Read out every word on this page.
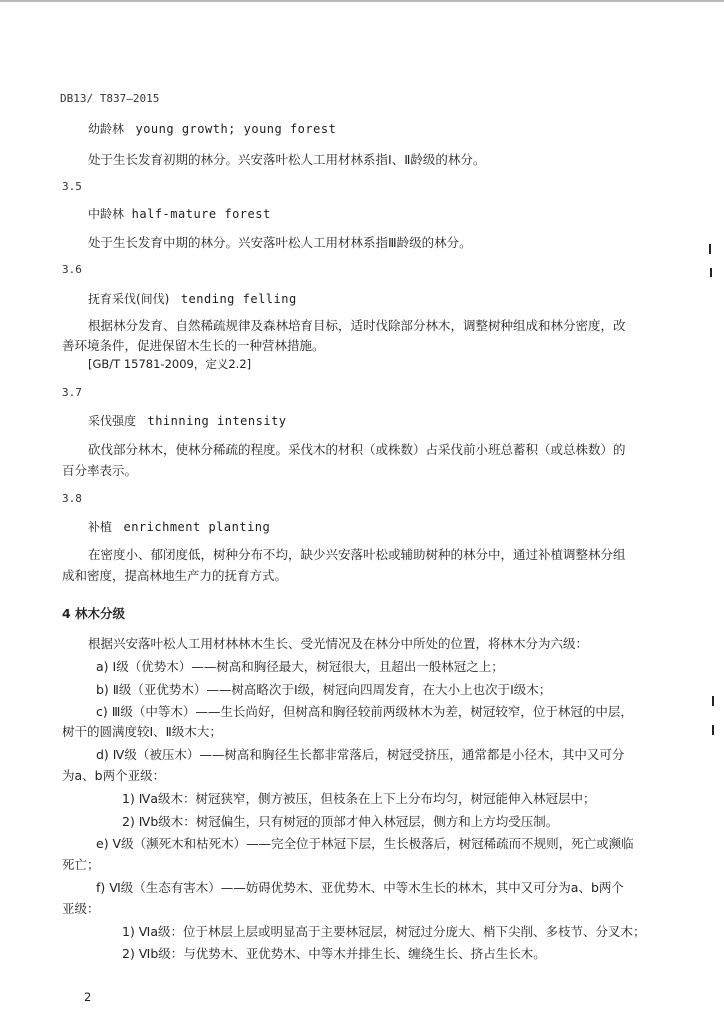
DB13/ T837—2015
幼龄林 young growth; young forest
处于生长发育初期的林分。兴安落叶松人工用材林系指Ⅰ、Ⅱ龄级的林分。
3.5
中龄林 half-mature forest
处于生长发育中期的林分。兴安落叶松人工用材林系指Ⅲ龄级的林分。
3.6
抚育采伐(间伐) tending felling
根据林分发育、自然稀疏规律及森林培育目标，适时伐除部分林木，调整树种组成和林分密度，改
善环境条件，促进保留木生长的一种营林措施。
[GB/T 15781-2009，定义2.2]
3.7
采伐强度 thinning intensity
砍伐部分林木，使林分稀疏的程度。采伐木的材积（或株数）占采伐前小班总蓄积（或总株数）的
百分率表示。
3.8
补植 enrichment planting
在密度小、郁闭度低，树种分布不均，缺少兴安落叶松或辅助树种的林分中，通过补植调整林分组
成和密度，提高林地生产力的抚育方式。
4 林木分级
根据兴安落叶松人工用材林林木生长、受光情况及在林分中所处的位置，将林木分为六级：
a) Ⅰ级（优势木）——树高和胸径最大，树冠很大，且超出一般林冠之上；
b) Ⅱ级（亚优势木）——树高略次于Ⅰ级，树冠向四周发育，在大小上也次于Ⅰ级木；
c) Ⅲ级（中等木）——生长尚好，但树高和胸径较前两级林木为差，树冠较窄，位于林冠的中层，
树干的圆满度较Ⅰ、Ⅱ级木大；
d) Ⅳ级（被压木）——树高和胸径生长都非常落后，树冠受挤压，通常都是小径木，其中又可分
为a、b两个亚级：
1) Ⅳa级木：树冠狭窄，侧方被压，但枝条在上下上分布均匀，树冠能伸入林冠层中；
2) Ⅳb级木：树冠偏生，只有树冠的顶部才伸入林冠层，侧方和上方均受压制。
e) Ⅴ级（濒死木和枯死木）——完全位于林冠下层，生长极落后，树冠稀疏而不规则，死亡或濒临
死亡；
f) Ⅵ级（生态有害木）——妨碍优势木、亚优势木、中等木生长的林木，其中又可分为a、b两个
亚级：
1) Ⅵa级：位于林层上层或明显高于主要林冠层，树冠过分庞大、梢下尖削、多枝节、分叉木；
2) Ⅵb级：与优势木、亚优势木、中等木并排生长、缠绕生长、挤占生长木。
2
